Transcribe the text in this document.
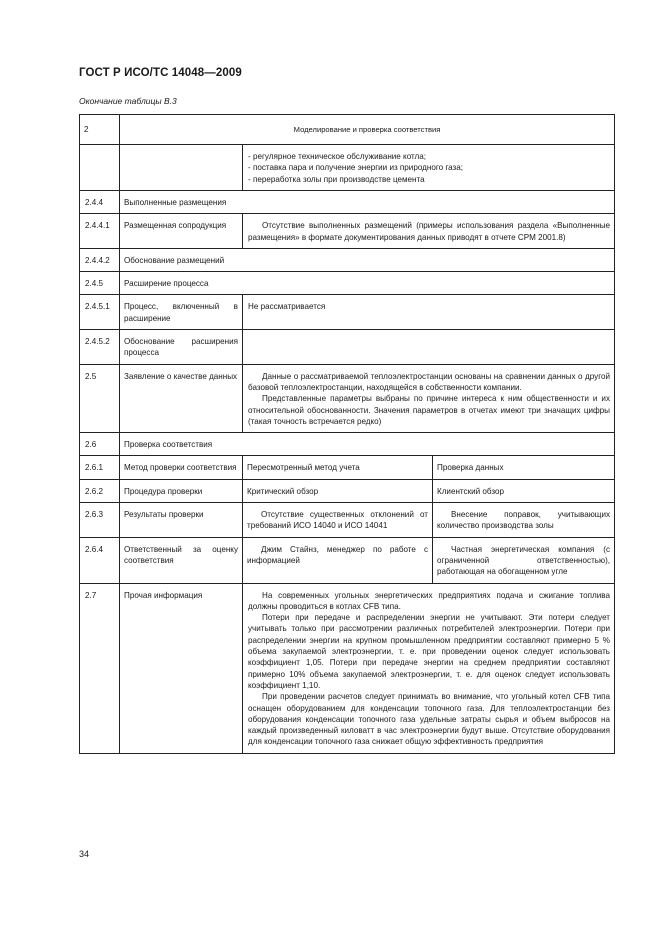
ГОСТ Р ИСО/ТС 14048—2009
Окончание таблицы B.3
2	Моделирование и проверка соответствия		

		- регулярное техническое обслуживание котла;
- поставка пара и получение энергии из природного газа;
- переработка золы при производстве цемента	

2.4.4	Выполненные размещения		
2.4.4.1	Размещенная сопродукция	Отсутствие выполненных размещений (примеры использования раздела «Выполненные размещения» в формате документирования данных приводят в отчете СРМ 2001.8)	

2.4.4.2	Обоснование размещений		
2.4.5	Расширение процесса		
2.4.5.1	Процесс, включенный в расширение	Не рассматривается	
2.4.5.2	Обоснование расширения процесса		
2.5	Заявление о качестве данных	Данные о рассматриваемой теплоэлектростанции основаны на сравнении данных о другой базовой теплоэлектростанции, находящейся в собственности компании.

Представленные параметры выбраны по причине интереса к ним общественности и их относительной обоснованности. Значения параметров в отчетах имеют три значащих цифры (такая точность встречается редко)	

2.6	Проверка соответствия		
2.6.1	Метод проверки соответствия	Пересмотренный метод учета	Проверка данных
2.6.2	Процедура проверки	Критический обзор	Клиентский обзор
2.6.3	Результаты проверки	Отсутствие существенных отклонений от требований ИСО 14040 и ИСО 14041	Внесение поправок, учитывающих количество производства золы

2.6.4	Ответственный за оценку соответствия	Джим Стайнз, менеджер по работе с информацией	Частная энергетическая компания (с ограниченной ответственностью), работающая на обогащенном угле

2.7	Прочая информация	На современных угольных энергетических предприятиях подача и сжигание топлива должны проводиться в котлах CFB типа.

Потери при передаче и распределении энергии не учитывают. Эти потери следует учитывать только при рассмотрении различных потребителей электроэнергии. Потери при распределении энергии на крупном промышленном предприятии составляют примерно 5 % объема закупаемой электроэнергии, т. е. при проведении оценок следует использовать коэффициент 1,05. Потери при передаче энергии на среднем предприятии составляют примерно 10% объема закупаемой электроэнергии, т. е. для оценок следует использовать коэффициент 1,10.

При проведении расчетов следует принимать во внимание, что угольный котел CFB типа оснащен оборудованием для конденсации топочного газа. Для теплоэлектростанции без оборудования конденсации топочного газа удельные затраты сырья и объем выбросов на каждый произведенный киловатт в час электроэнергии будут выше. Отсутствие оборудования для конденсации топочного газа снижает общую эффективность предприятия	

34
